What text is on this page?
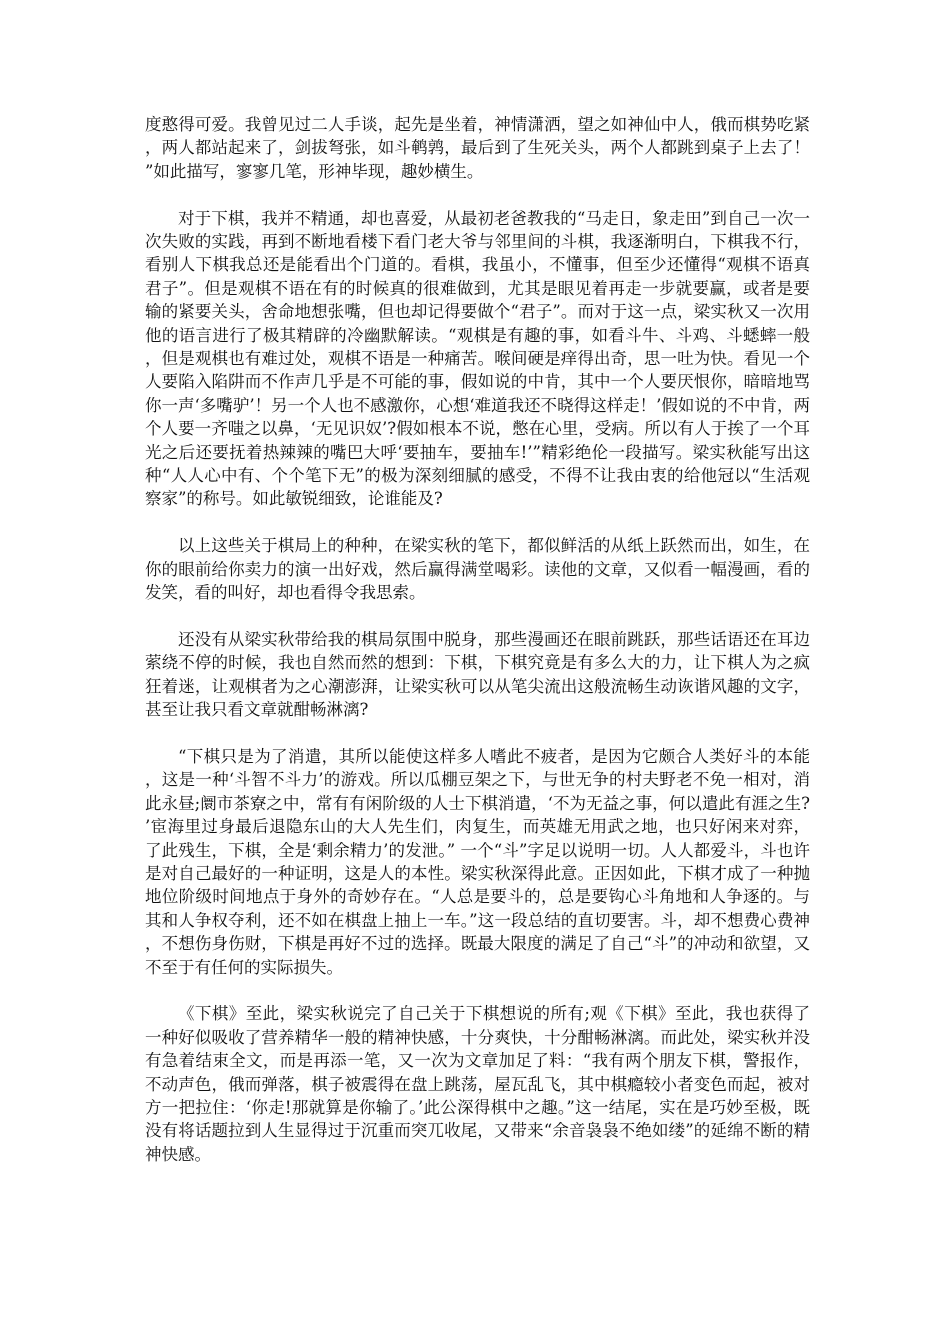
度憨得可爱。我曾见过二人手谈，起先是坐着，神情潇洒，望之如神仙中人，俄而棋势吃紧，两人都站起来了，剑拔弩张，如斗鹌鹑，最后到了生死关头，两个人都跳到桌子上去了！”如此描写，寥寥几笔，形神毕现，趣妙横生。

对于下棋，我并不精通，却也喜爱，从最初老爸教我的“马走日，象走田”到自己一次一次失败的实践，再到不断地看楼下看门老大爷与邻里间的斗棋，我逐渐明白，下棋我不行，看别人下棋我总还是能看出个门道的。看棋，我虽小，不懂事，但至少还懂得“观棋不语真君子”。但是观棋不语在有的时候真的很难做到，尤其是眼见着再走一步就要赢，或者是要输的紧要关头，舍命地想张嘴，但也却记得要做个“君子”。而对于这一点，梁实秋又一次用他的语言进行了极其精辟的冷幽默解读。“观棋是有趣的事，如看斗牛、斗鸡、斗蟋蟀一般，但是观棋也有难过处，观棋不语是一种痛苦。喉间硬是痒得出奇，思一吐为快。看见一个人要陷入陷阱而不作声几乎是不可能的事，假如说的中肯，其中一个人要厌恨你，暗暗地骂你一声‘多嘴驴’！另一个人也不感激你，心想‘难道我还不晓得这样走！’假如说的不中肯，两个人要一齐嗤之以鼻，‘无见识奴’?假如根本不说，憋在心里，受病。所以有人于挨了一个耳光之后还要抚着热辣辣的嘴巴大呼‘要抽车，要抽车!’”精彩绝伦一段描写。梁实秋能写出这种“人人心中有、个个笔下无”的极为深刻细腻的感受，不得不让我由衷的给他冠以“生活观察家”的称号。如此敏锐细致，论谁能及?

以上这些关于棋局上的种种，在梁实秋的笔下，都似鲜活的从纸上跃然而出，如生，在你的眼前给你卖力的演一出好戏，然后赢得满堂喝彩。读他的文章，又似看一幅漫画，看的发笑，看的叫好，却也看得令我思索。

还没有从梁实秋带给我的棋局氛围中脱身，那些漫画还在眼前跳跃，那些话语还在耳边萦绕不停的时候，我也自然而然的想到：下棋，下棋究竟是有多么大的力，让下棋人为之疯狂着迷，让观棋者为之心潮澎湃，让梁实秋可以从笔尖流出这般流畅生动诙谐风趣的文字，甚至让我只看文章就酣畅淋漓?

“下棋只是为了消遣，其所以能使这样多人嗜此不疲者，是因为它颇合人类好斗的本能，这是一种‘斗智不斗力’的游戏。所以瓜棚豆架之下，与世无争的村夫野老不免一相对，消此永昼;阛市茶寮之中，常有有闲阶级的人士下棋消遣，‘不为无益之事，何以遣此有涯之生?’宦海里过身最后退隐东山的大人先生们，肉复生，而英雄无用武之地，也只好闲来对弈，了此残生，下棋，全是‘剩余精力’的发泄。” 一个“斗”字足以说明一切。人人都爱斗，斗也许是对自己最好的一种证明，这是人的本性。梁实秋深得此意。正因如此，下棋才成了一种抛地位阶级时间地点于身外的奇妙存在。“人总是要斗的，总是要钩心斗角地和人争逐的。与其和人争权夺利，还不如在棋盘上抽上一车。”这一段总结的直切要害。斗，却不想费心费神，不想伤身伤财，下棋是再好不过的选择。既最大限度的满足了自己“斗”的冲动和欲望，又不至于有任何的实际损失。

《下棋》至此，梁实秋说完了自己关于下棋想说的所有;观《下棋》至此，我也获得了一种好似吸收了营养精华一般的精神快感，十分爽快，十分酣畅淋漓。而此处，梁实秋并没有急着结束全文，而是再添一笔，又一次为文章加足了料：“我有两个朋友下棋，警报作，不动声色，俄而弹落，棋子被震得在盘上跳荡，屋瓦乱飞，其中棋瘾较小者变色而起，被对方一把拉住：‘你走!那就算是你输了。’此公深得棋中之趣。”这一结尾，实在是巧妙至极，既没有将话题拉到人生显得过于沉重而突兀收尾，又带来“余音袅袅不绝如缕”的延绵不断的精神快感。
